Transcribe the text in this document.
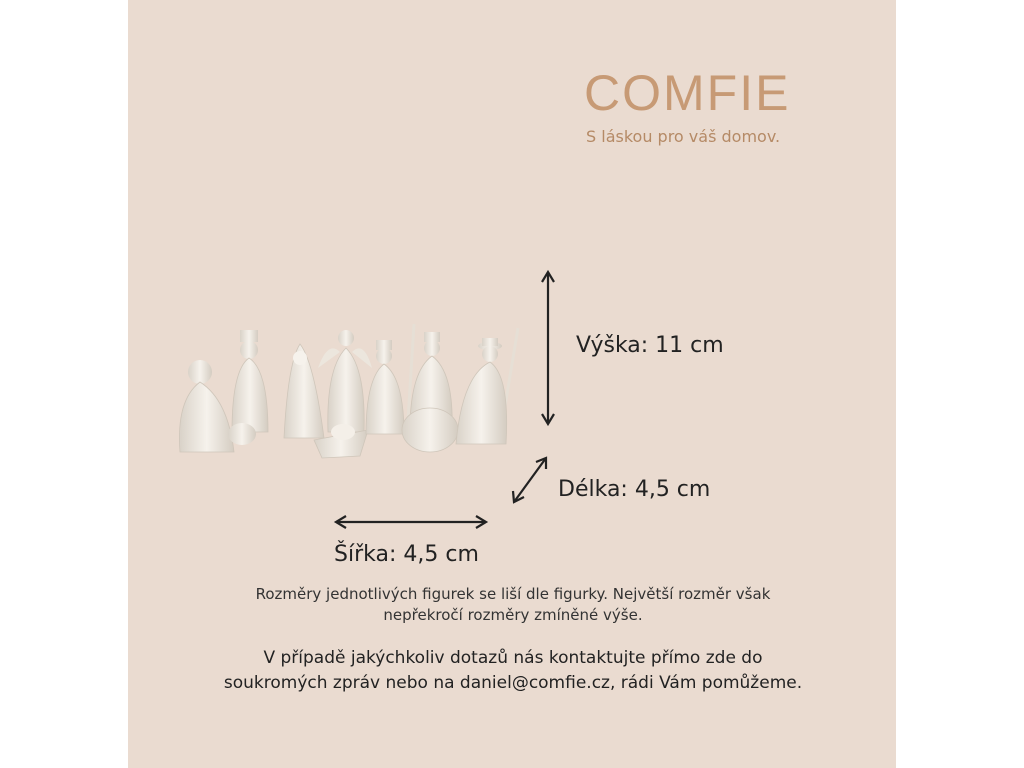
COMFIE
S láskou pro váš domov.
Výška: 11 cm
Délka: 4,5 cm
Šířka: 4,5 cm
Rozměry jednotlivých figurek se liší dle figurky. Největší rozměr však nepřekročí rozměry zmíněné výše.
V případě jakýchkoliv dotazů nás kontaktujte přímo zde do soukromých zpráv nebo na daniel@comfie.cz, rádi Vám pomůžeme.
